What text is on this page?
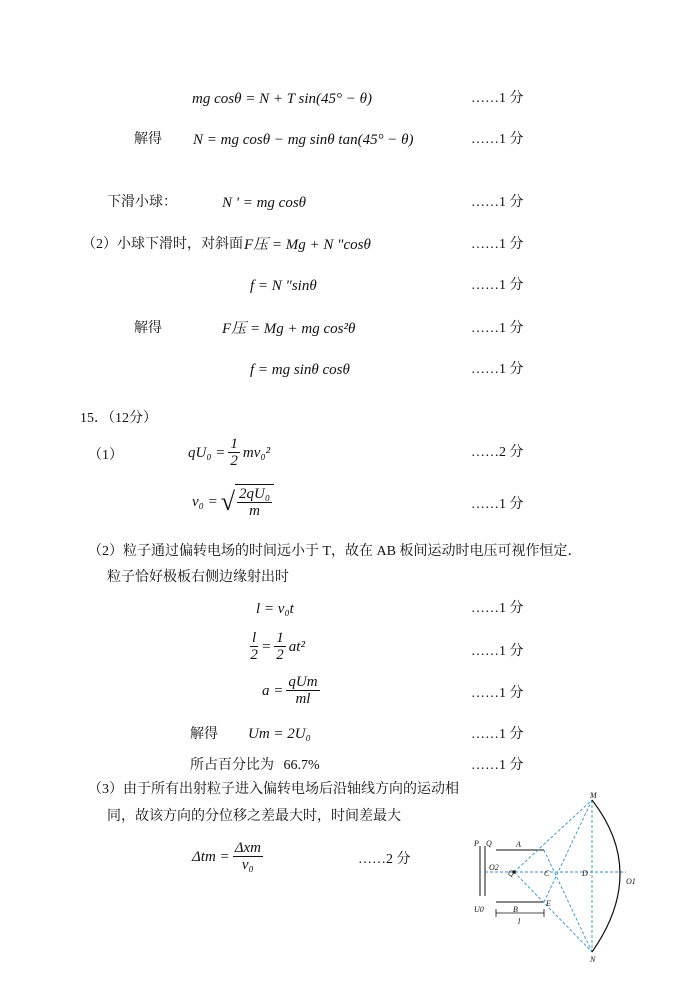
mg cosθ = N + T sin(45° − θ)	……1 分
解得 N = mg cosθ − mg sinθ tan(45° − θ)	……1 分
下滑小球：	N ' = mg cosθ	……1 分
（2）小球下滑时，对斜面 F压 = Mg + N "cosθ	……1 分
f = N "sinθ	……1 分
解得	F压 = Mg + mg cos²θ	……1 分
f = mg sinθ cosθ	……1 分
15．（12分）
（1）	$qU_0 = \frac{1}{2} mv_0^2$	……2 分
v₀ = √ $\frac{\text{2qU₀}}{m}$	……1 分
（2）粒子通过偏转电场的时间远小于 T，故在 AB 板间运动时电压可视作恒定．
粒子恰好极板右侧边缘射出时
l = v₀t	……1 分
$\frac{l}{2} = \frac{1}{2} at^2$	……1 分
$a = \frac{\text{qUm}}{ml}$	……1 分
解得 Um = 2U₀	……1 分
所占百分比为 66.7%	……1 分
（3）由于所有出射粒子进入偏转电场后沿轴线方向的运动相
同，故该方向的分位移之差最大时，时间差最大
$\Delta tm = \frac{\text{Δxm}}{\text{v₀}}$	……2 分
P Q	A
O2
Q	C	D
O1
M
N
E
B
l
U0
